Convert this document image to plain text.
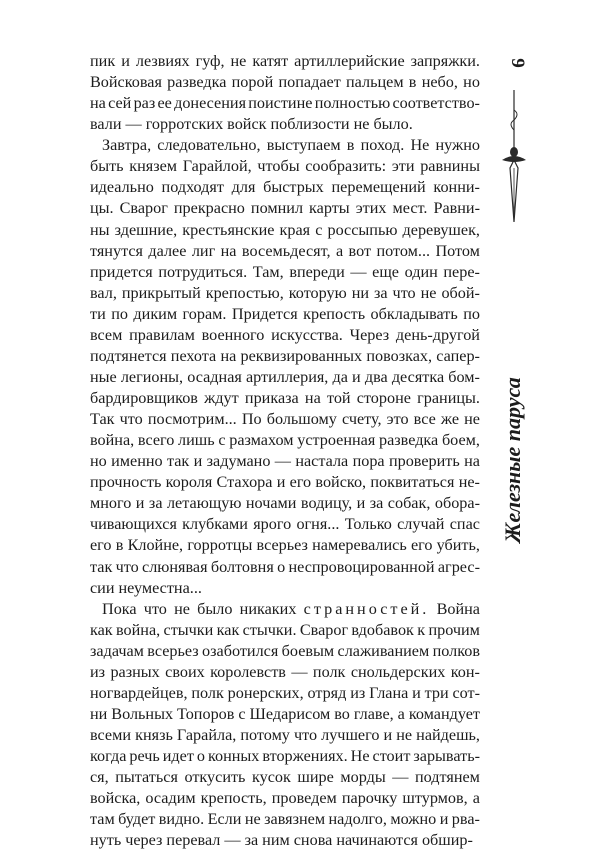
пик и лезвиях гуф, не катят артиллерийские запряжки.
Войсковая разведка порой попадает пальцем в небо, но
на сей раз ее донесения поистине полностью соответство-
вали — горротских войск поблизости не было.
Завтра, следовательно, выступаем в поход. Не нужно
быть князем Гарайлой, чтобы сообразить: эти равнины
идеально подходят для быстрых перемещений конни-
цы. Сварог прекрасно помнил карты этих мест. Равни-
ны здешние, крестьянские края с россыпью деревушек,
тянутся далее лиг на восемьдесят, а вот потом... Потом
придется потрудиться. Там, впереди — еще один пере-
вал, прикрытый крепостью, которую ни за что не обой-
ти по диким горам. Придется крепость обкладывать по
всем правилам военного искусства. Через день-другой
подтянется пехота на реквизированных повозках, сапер-
ные легионы, осадная артиллерия, да и два десятка бом-
бардировщиков ждут приказа на той стороне границы.
Так что посмотрим... По большому счету, это все же не
война, всего лишь с размахом устроенная разведка боем,
но именно так и задумано — настала пора проверить на
прочность короля Стахора и его войско, поквитаться не-
много и за летающую ночами водицу, и за собак, обора-
чивающихся клубками ярого огня... Только случай спас
его в Клойне, горротцы всерьез намеревались его убить,
так что слюнявая болтовня о неспровоцированной агрес-
сии неуместна...
Пока что не было никаких странностей. Война
как война, стычки как стычки. Сварог вдобавок к прочим
задачам всерьез озаботился боевым слаживанием полков
из разных своих королевств — полк снольдерских кон-
ногвардейцев, полк ронерских, отряд из Глана и три сот-
ни Вольных Топоров с Шедарисом во главе, а командует
всеми князь Гарайла, потому что лучшего и не найдешь,
когда речь идет о конных вторжениях. Не стоит зарывать-
ся, пытаться откусить кусок шире морды — подтянем
войска, осадим крепость, проведем парочку штурмов, а
там будет видно. Если не завязнем надолго, можно и рва-
нуть через перевал — за ним снова начинаются обшир-
9
Железные паруса
